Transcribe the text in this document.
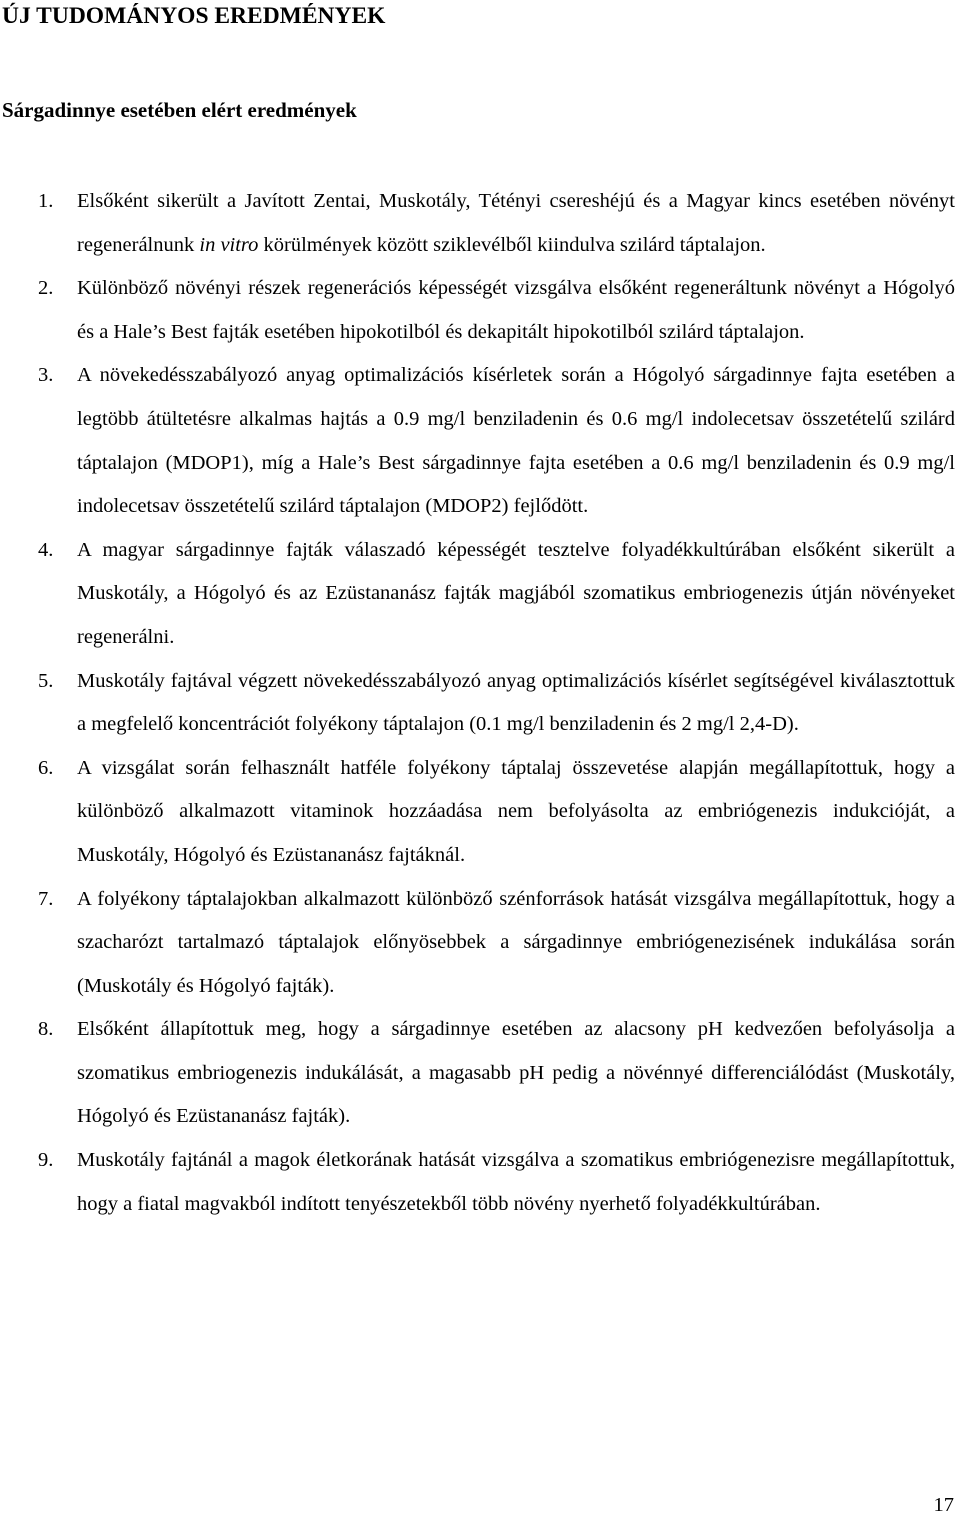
ÚJ TUDOMÁNYOS EREDMÉNYEK
Sárgadinnye esetében elért eredmények
1. Elsőként sikerült a Javított Zentai, Muskotály, Tétényi csereshéjú és a Magyar kincs esetében növényt regenerálnunk in vitro körülmények között sziklevélből kiindulva szilárd táptalajon.
2. Különböző növényi részek regenerációs képességét vizsgálva elsőként regeneráltunk növényt a Hógolyó és a Hale’s Best fajták esetében hipokotilból és dekapitált hipokotilból szilárd táptalajon.
3. A növekedésszabályozó anyag optimalizációs kísérletek során a Hógolyó sárgadinnye fajta esetében a legtöbb átültetésre alkalmas hajtás a 0.9 mg/l benziladenin és 0.6 mg/l indolecetsav összetételű szilárd táptalajon (MDOP1), míg a Hale’s Best sárgadinnye fajta esetében a 0.6 mg/l benziladenin és 0.9 mg/l indolecetsav összetételű szilárd táptalajon (MDOP2) fejlődött.
4. A magyar sárgadinnye fajták válaszadó képességét tesztelve folyadékkultúrában elsőként sikerült a Muskotály, a Hógolyó és az Ezüstananász fajták magjából szomatikus embriogenezis útján növényeket regenerálni.
5. Muskotály fajtával végzett növekedésszabályozó anyag optimalizációs kísérlet segítségével kiválasztottuk a megfelelő koncentrációt folyékony táptalajon (0.1 mg/l benziladenin és 2 mg/l 2,4-D).
6. A vizsgálat során felhasznált hatféle folyékony táptalaj összevetése alapján megállapítottuk, hogy a különböző alkalmazott vitaminok hozzáadása nem befolyásolta az embriógenezis indukcióját, a Muskotály, Hógolyó és Ezüstananász fajtáknál.
7. A folyékony táptalajokban alkalmazott különböző szénforrások hatását vizsgálva megállapítottuk, hogy a szacharózt tartalmazó táptalajok előnyösebbek a sárgadinnye embriógenezisének indukálása során (Muskotály és Hógolyó fajták).
8. Elsőként állapítottuk meg, hogy a sárgadinnye esetében az alacsony pH kedvezően befolyásolja a szomatikus embriogenezis indukálását, a magasabb pH pedig a növénnyé differenciálódást (Muskotály, Hógolyó és Ezüstananász fajták).
9. Muskotály fajtánál a magok életkorának hatását vizsgálva a szomatikus embriógenezisre megállapítottuk, hogy a fiatal magvakból indított tenyészetekből több növény nyerhető folyadékkultúrában.
17
